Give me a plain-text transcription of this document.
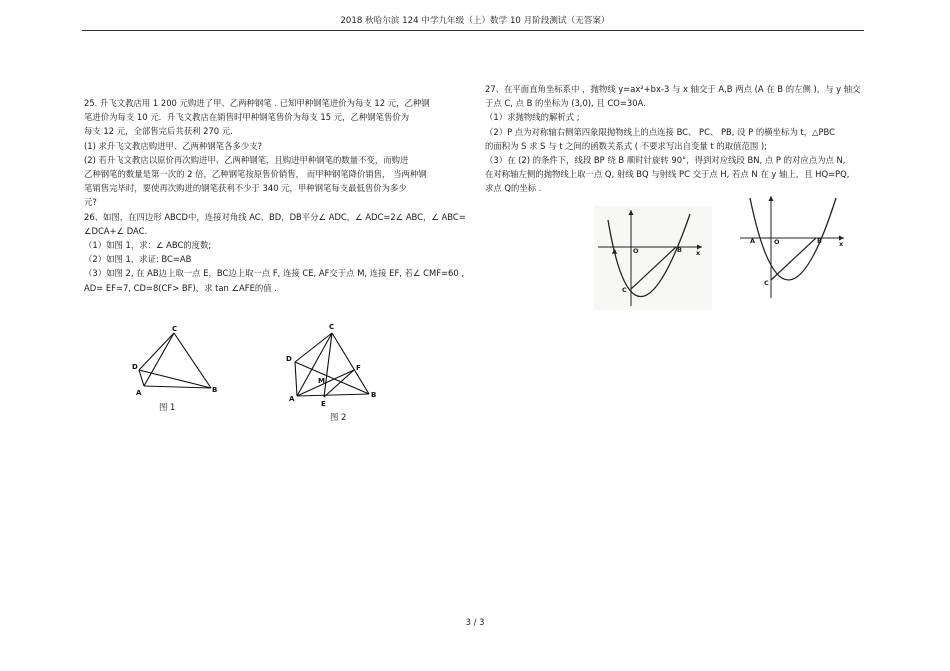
2018 秋哈尔滨 124 中学九年级（上）数学 10 月阶段测试（无答案）
25. 升飞文教店用 1 200 元购进了甲、乙两种钢笔 . 已知甲种钢笔进价为每支 12 元，乙种钢
笔进价为每支 10 元．升飞文教店在销售时甲种钢笔售价为每支 15 元，乙种钢笔售价为
每支 12 元，全部售完后共获利 270 元.
(1) 求升飞文教店购进甲、乙两种钢笔各多少支?
(2) 若升飞文教店以原价再次购进甲、乙两种钢笔，且购进甲种钢笔的数量不变，而购进
乙种钢笔的数量是第一次的 2 倍，乙种钢笔按原售价销售， 而甲种钢笔降价销售， 当两种钢
笔销售完毕时，要使再次购进的钢笔获利不少于 340 元，甲种钢笔每支最低售价为多少
元?
26、如图，在四边形 ABCD中，连接对角线 AC、BD，DB平分∠ ADC，∠ ADC=2∠ ABC，∠ ABC=
∠DCA+∠ DAC.
（1）如图 1，求：∠ ABC的度数;
（2）如图 1，求证: BC=AB
（3）如图 2, 在 AB边上取一点 E，BC边上取一点 F, 连接 CE, AF交于点 M, 连接 EF, 若∠ CMF=60 ,
AD= EF=7, CD=8(CF> BF)，求 tan ∠AFE的值 .
27、在平面直角坐标系中 ，抛物线 y=ax²+bx-3 与 x 轴交于 A,B 两点 (A 在 B 的左侧 )，与 y 轴交
于点 C, 点 B 的坐标为 (3,0), 且 CO=30A.
（1）求抛物线的解析式 ;
（2）P 点为对称轴右侧第四象限抛物线上的点连接 BC、 PC、 PB, 设 P 的横坐标为 t，△PBC
的面积为 S 求 S 与 t 之间的函数关系式 ( 不要求写出自变量 t 的取值范围 );
（3）在 (2) 的条件下，线段 BP 绕 B 顺时针旋转 90°，得到对应线段 BN, 点 P 的对应点为点 N,
在对称轴左侧的抛物线上取一点 Q, 射线 BQ 与射线 PC 交于点 H, 若点 N 在 y 轴上，且 HQ=PQ,
求点 Q的坐标 .
C
D
A	B
图 1
C
D
A	B
E
F
M
图 2
A O	B
C
x
A	O	B
C
x
3 / 3
